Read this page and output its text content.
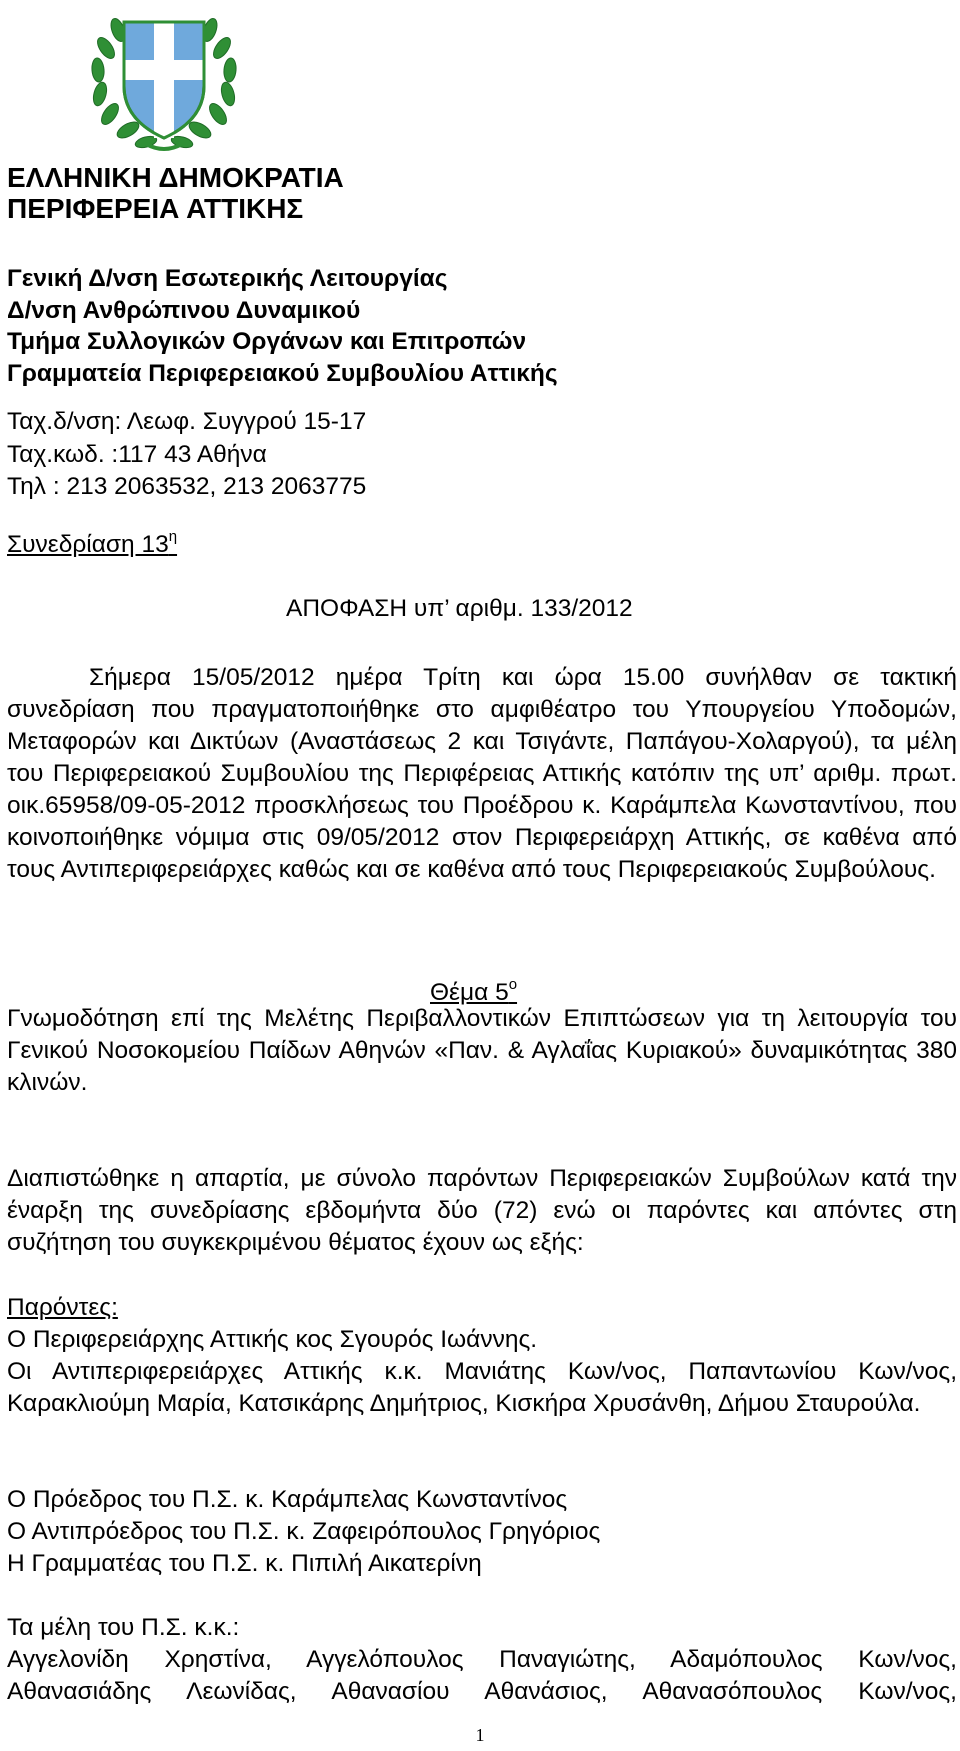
ΕΛΛΗΝΙΚΗ ΔΗΜΟΚΡΑΤΙΑ
ΠΕΡΙΦΕΡΕΙΑ ΑΤΤΙΚΗΣ
Γενική Δ/νση Εσωτερικής Λειτουργίας
Δ/νση Ανθρώπινου Δυναμικού
Τμήμα Συλλογικών Οργάνων και Επιτροπών
Γραμματεία Περιφερειακού Συμβουλίου Αττικής
Ταχ.δ/νση: Λεωφ. Συγγρού 15-17
Ταχ.κωδ. :117 43 Αθήνα
Τηλ : 213 2063532, 213 2063775
Συνεδρίαση $13^\eta$
ΑΠΟΦΑΣΗ υπ’ αριθμ. 133/2012
Σήμερα 15/05/2012 ημέρα Τρίτη και ώρα 15.00 συνήλθαν σε τακτική συνεδρίαση που πραγματοποιήθηκε στο αμφιθέατρο του Υπουργείου Υποδομών, Μεταφορών και Δικτύων (Αναστάσεως 2 και Τσιγάντε, Παπάγου-Χολαργού), τα μέλη του Περιφερειακού Συμβουλίου της Περιφέρειας Αττικής κατόπιν της υπ’ αριθμ. πρωτ. οικ.65958/09-05-2012 προσκλήσεως του Προέδρου κ. Καράμπελα Κωνσταντίνου, που κοινοποιήθηκε νόμιμα στις 09/05/2012 στον Περιφερειάρχη Αττικής, σε καθένα από τους Αντιπεριφερειάρχες καθώς και σε καθένα από τους Περιφερειακούς Συμβούλους.
Θέμα $5^o$
Γνωμοδότηση επί της Μελέτης Περιβαλλοντικών Επιπτώσεων για τη λειτουργία του Γενικού Νοσοκομείου Παίδων Αθηνών «Παν. & Αγλαΐας Κυριακού» δυναμικότητας 380 κλινών.
Διαπιστώθηκε η απαρτία, με σύνολο παρόντων Περιφερειακών Συμβούλων κατά την έναρξη της συνεδρίασης εβδομήντα δύο (72) ενώ οι παρόντες και απόντες στη συζήτηση του συγκεκριμένου θέματος έχουν ως εξής:
Παρόντες:
Ο Περιφερειάρχης Αττικής κος Σγουρός Ιωάννης.
Οι Αντιπεριφερειάρχες Αττικής κ.κ. Μανιάτης Κων/νος, Παπαντωνίου Κων/νος, Καρακλιούμη Μαρία, Κατσικάρης Δημήτριος, Κισκήρα Χρυσάνθη, Δήμου Σταυρούλα.
Ο Πρόεδρος του Π.Σ. κ. Καράμπελας Κωνσταντίνος
Ο Αντιπρόεδρος του Π.Σ. κ. Ζαφειρόπουλος Γρηγόριος
Η Γραμματέας του Π.Σ. κ. Πιπιλή Αικατερίνη
Τα μέλη του Π.Σ. κ.κ.:
Αγγελονίδη Χρηστίνα, Αγγελόπουλος Παναγιώτης, Αδαμόπουλος Κων/νος,
Αθανασιάδης Λεωνίδας, Αθανασίου Αθανάσιος, Αθανασόπουλος Κων/νος,
1
